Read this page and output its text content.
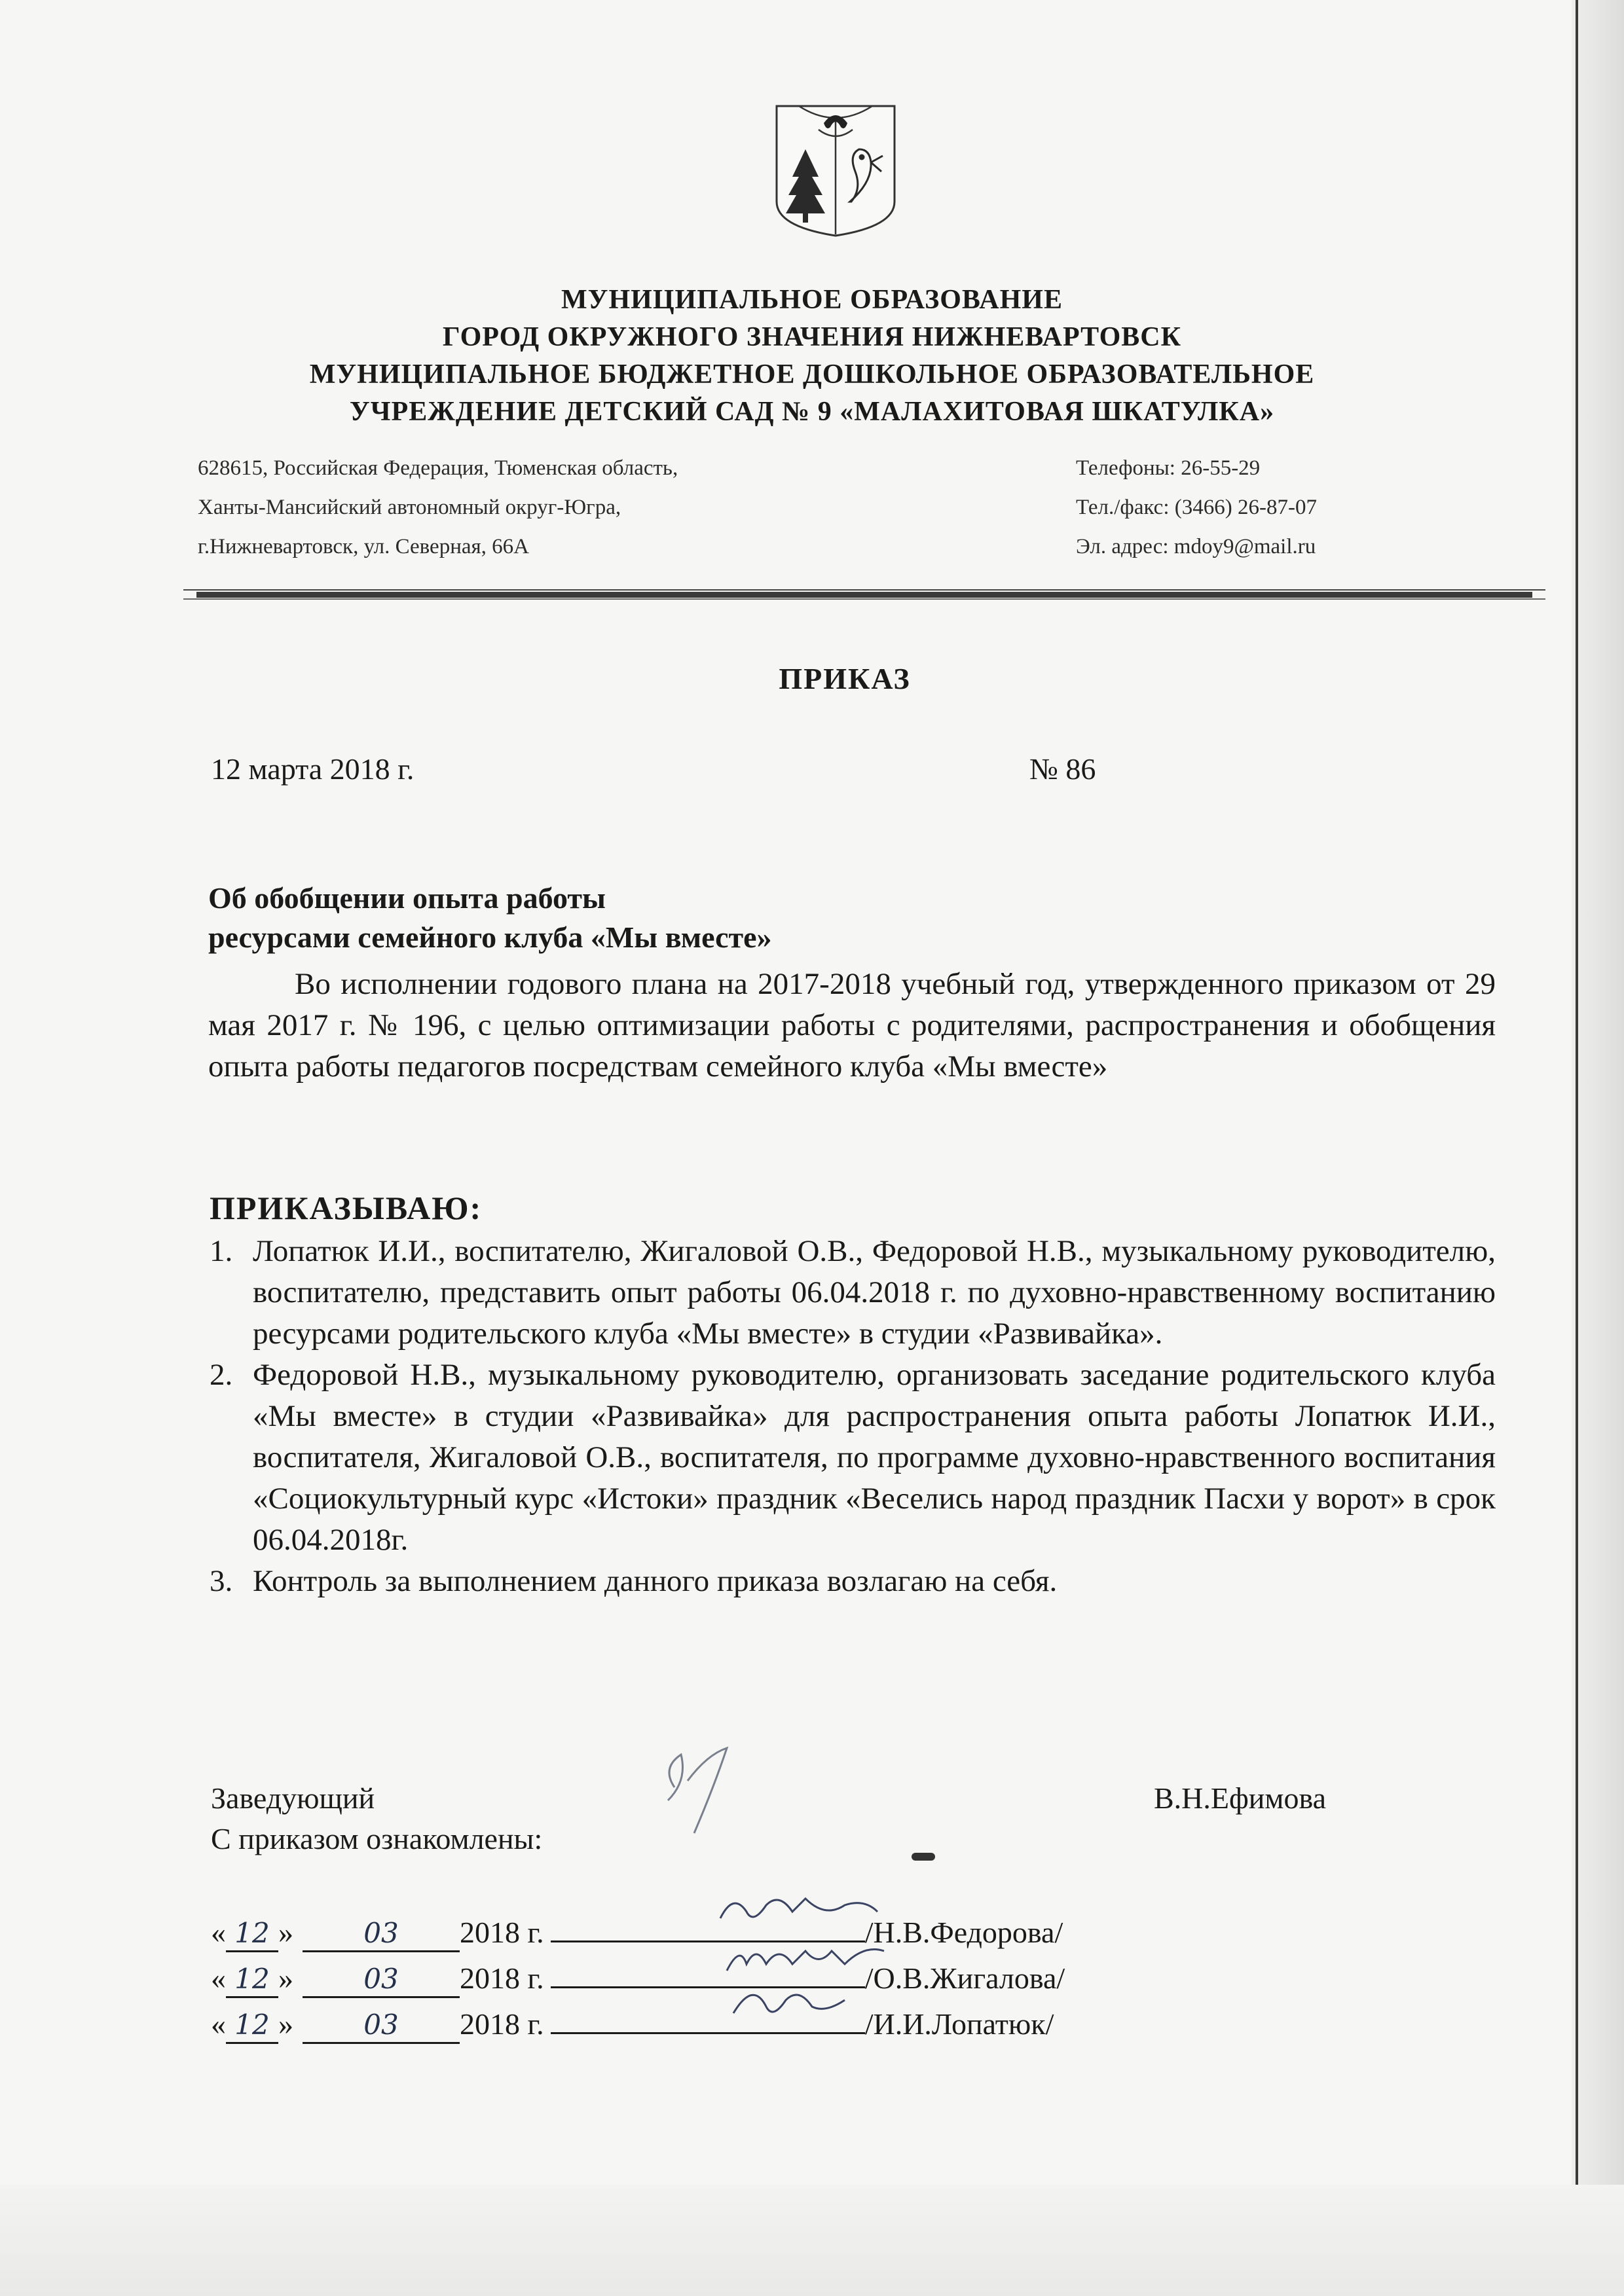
МУНИЦИПАЛЬНОЕ ОБРАЗОВАНИЕ
ГОРОД ОКРУЖНОГО ЗНАЧЕНИЯ НИЖНЕВАРТОВСК
МУНИЦИПАЛЬНОЕ БЮДЖЕТНОЕ ДОШКОЛЬНОЕ ОБРАЗОВАТЕЛЬНОЕ
УЧРЕЖДЕНИЕ ДЕТСКИЙ САД № 9 «МАЛАХИТОВАЯ ШКАТУЛКА»
628615, Российская Федерация, Тюменская область,
Ханты-Мансийский автономный округ-Югра,
г.Нижневартовск, ул. Северная, 66А
Телефоны: 26-55-29
Тел./факс: (3466) 26-87-07
Эл. адрес: mdoy9@mail.ru
ПРИКАЗ
12 марта 2018 г.	№ 86
Об обобщении опыта работы
ресурсами семейного клуба «Мы вместе»

Во исполнении годового плана на 2017-2018 учебный год, утвержденного приказом от 29 мая 2017 г. № 196, с целью оптимизации работы с родителями, распространения и обобщения опыта работы педагогов посредствам семейного клуба «Мы вместе»

ПРИКАЗЫВАЮ:
1. Лопатюк И.И., воспитателю, Жигаловой О.В., Федоровой Н.В., музыкальному руководителю, воспитателю, представить опыт работы 06.04.2018 г. по духовно-нравственному воспитанию ресурсами родительского клуба «Мы вместе» в студии «Развивайка».
2. Федоровой Н.В., музыкальному руководителю, организовать заседание родительского клуба «Мы вместе» в студии «Развивайка» для распространения опыта работы Лопатюк И.И., воспитателя, Жигаловой О.В., воспитателя, по программе духовно-нравственного воспитания «Социокультурный курс «Истоки» праздник «Веселись народ праздник Пасхи у ворот» в срок 06.04.2018г.
3. Контроль за выполнением данного приказа возлагаю на себя.
Заведующий	В.Н.Ефимова
С приказом ознакомлены:
« 12 »	03 2018 г.	/Н.В.Федорова/
« 12 »	03 2018 г.	/О.В.Жигалова/
« 12 »	03 2018 г.	/И.И.Лопатюк/
